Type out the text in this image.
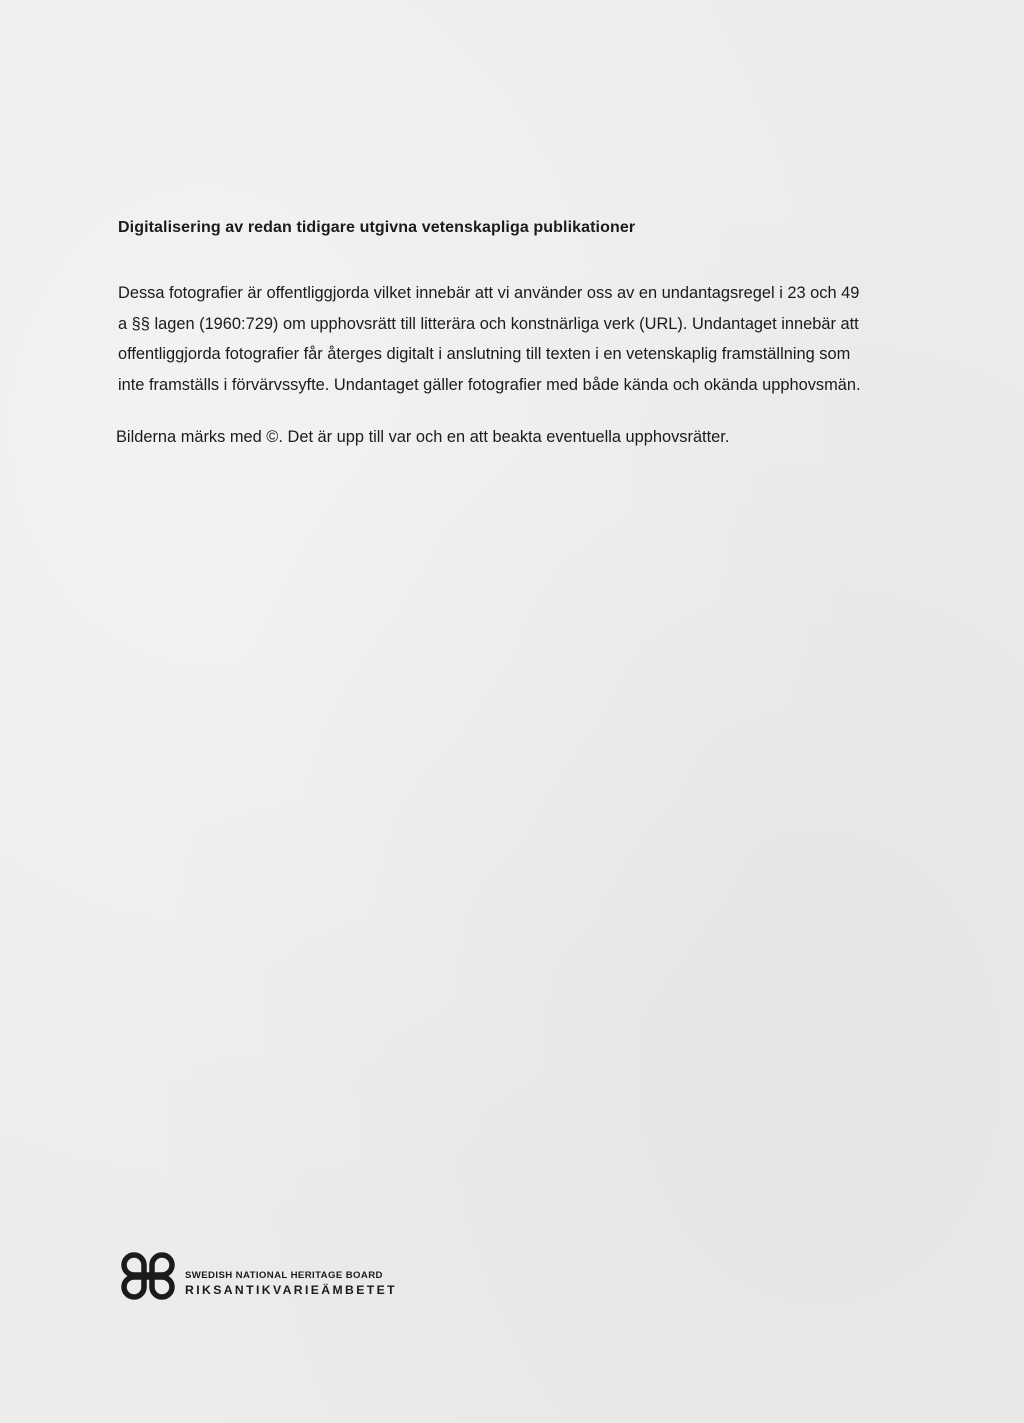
Digitalisering av redan tidigare utgivna vetenskapliga publikationer

Dessa fotografier är offentliggjorda vilket innebär att vi använder oss av en undantagsregel i 23 och 49
a §§ lagen (1960:729) om upphovsrätt till litterära och konstnärliga verk (URL). Undantaget innebär att
offentliggjorda fotografier får återges digitalt i anslutning till texten i en vetenskaplig framställning som
inte framställs i förvärvssyfte. Undantaget gäller fotografier med både kända och okända upphovsmän.

Bilderna märks med ©. Det är upp till var och en att beakta eventuella upphovsrätter.

SWEDISH NATIONAL HERITAGE BOARD
RIKSANTIKVARIEÄMBETET
